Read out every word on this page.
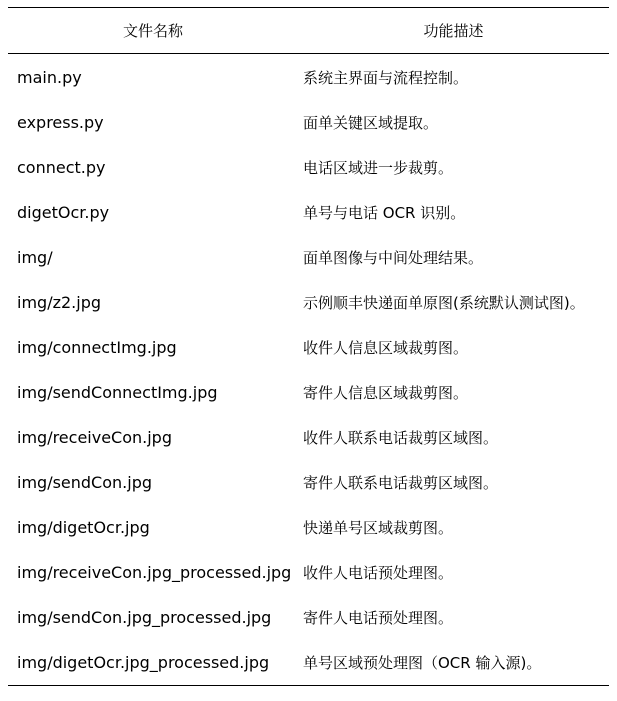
文件名称	功能描述
main.py	系统主界面与流程控制。
express.py	面单关键区域提取。
connect.py	电话区域进一步裁剪。
digetOcr.py	单号与电话 OCR 识别。
img/	面单图像与中间处理结果。
img/z2.jpg	示例顺丰快递面单原图(系统默认测试图)。
img/connectImg.jpg	收件人信息区域裁剪图。
img/sendConnectImg.jpg	寄件人信息区域裁剪图。
img/receiveCon.jpg	收件人联系电话裁剪区域图。
img/sendCon.jpg	寄件人联系电话裁剪区域图。
img/digetOcr.jpg	快递单号区域裁剪图。
img/receiveCon.jpg_processed.jpg 收件人电话预处理图。
img/sendCon.jpg_processed.jpg	寄件人电话预处理图。
img/digetOcr.jpg_processed.jpg	单号区域预处理图（OCR 输入源)。
